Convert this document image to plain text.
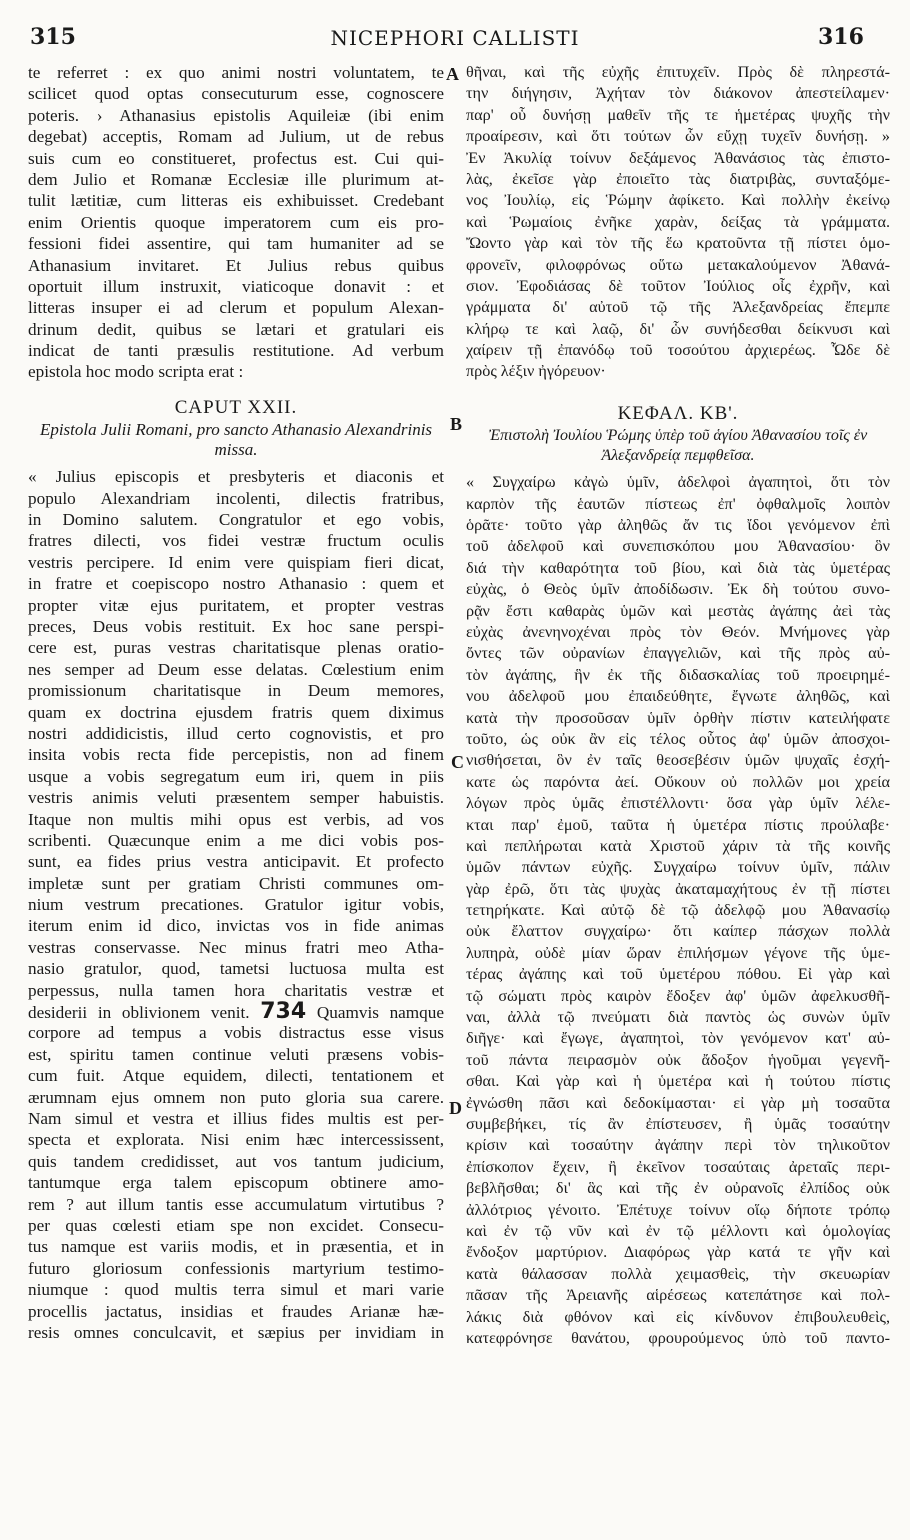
315	NICEPHORI CALLISTI	316
A
B
C
D
te referret : ex quo animi nostri voluntatem, te
scilicet quod optas consecuturum esse, cognoscere
poteris. › Athanasius epistolis Aquileiæ (ibi enim
degebat) acceptis, Romam ad Julium, ut de rebus
suis cum eo constitueret, profectus est. Cui qui-
dem Julio et Romanæ Ecclesiæ ille plurimum at-
tulit lætitiæ, cum litteras eis exhibuisset. Credebant
enim Orientis quoque imperatorem cum eis pro-
fessioni fidei assentire, qui tam humaniter ad se
Athanasium invitaret. Et Julius rebus quibus
oportuit illum instruxit, viaticoque donavit : et
litteras insuper ei ad clerum et populum Alexan-
drinum dedit, quibus se lætari et gratulari eis
indicat de tanti præsulis restitutione. Ad verbum
epistola hoc modo scripta erat :
CAPUT XXII.
Epistola Julii Romani, pro sancto Athanasio Alexandrinis missa.
« Julius episcopis et presbyteris et diaconis et
populo Alexandriam incolenti, dilectis fratribus,
in Domino salutem. Congratulor et ego vobis,
fratres dilecti, vos fidei vestræ fructum oculis
vestris percipere. Id enim vere quispiam fieri dicat,
in fratre et coepiscopo nostro Athanasio : quem et
propter vitæ ejus puritatem, et propter vestras
preces, Deus vobis restituit. Ex hoc sane perspi-
cere est, puras vestras charitatisque plenas oratio-
nes semper ad Deum esse delatas. Cœlestium enim
promissionum charitatisque in Deum memores,
quam ex doctrina ejusdem fratris quem diximus
nostri addidicistis, illud certo cognovistis, et pro
insita vobis recta fide percepistis, non ad finem
usque a vobis segregatum eum iri, quem in piis
vestris animis veluti præsentem semper habuistis.
Itaque non multis mihi opus est verbis, ad vos
scribenti. Quæcunque enim a me dici vobis pos-
sunt, ea fides prius vestra anticipavit. Et profecto
impletæ sunt per gratiam Christi communes om-
nium vestrum precationes. Gratulor igitur vobis,
iterum enim id dico, invictas vos in fide animas
vestras conservasse. Nec minus fratri meo Atha-
nasio gratulor, quod, tametsi luctuosa multa est
perpessus, nulla tamen hora charitatis vestræ et
desiderii in oblivionem venit. 734 Quamvis namque
corpore ad tempus a vobis distractus esse visus
est, spiritu tamen continue veluti præsens vobis-
cum fuit. Atque equidem, dilecti, tentationem et
ærumnam ejus omnem non puto gloria sua carere.
Nam simul et vestra et illius fides multis est per-
specta et explorata. Nisi enim hæc intercessissent,
quis tandem credidisset, aut vos tantum judicium,
tantumque erga talem episcopum obtinere amo-
rem ? aut illum tantis esse accumulatum virtutibus ?
per quas cœlesti etiam spe non excidet. Consecu-
tus namque est variis modis, et in præsentia, et in
futuro gloriosum confessionis martyrium testimo-
niumque : quod multis terra simul et mari varie
procellis jactatus, insidias et fraudes Arianæ hæ-
resis omnes conculcavit, et sæpius per invidiam in
θῆναι, καὶ τῆς εὐχῆς ἐπιτυχεῖν. Πρὸς δὲ πληρεστά-
την διήγησιν, Ἀχήταν τὸν διάκονον ἀπεστείλαμεν·
παρ' οὗ δυνήσῃ μαθεῖν τῆς τε ἡμετέρας ψυχῆς τὴν
προαίρεσιν, καὶ ὅτι τούτων ὧν εὔχῃ τυχεῖν δυνήσῃ. »
Ἐν Ἀκυλίᾳ τοίνυν δεξάμενος Ἀθανάσιος τὰς ἐπιστο-
λὰς, ἐκεῖσε γὰρ ἐποιεῖτο τὰς διατριβὰς, συνταξόμε-
νος Ἰουλίῳ, εἰς Ῥώμην ἀφίκετο. Καὶ πολλὴν ἐκείνῳ
καὶ Ῥωμαίοις ἐνῆκε χαρὰν, δείξας τὰ γράμματα.
Ὤοντο γὰρ καὶ τὸν τῆς ἕω κρατοῦντα τῇ πίστει ὁμο-
φρονεῖν, φιλοφρόνως οὕτω μετακαλούμενον Ἀθανά-
σιον. Ἐφοδιάσας δὲ τοῦτον Ἰούλιος οἷς ἐχρῆν, καὶ
γράμματα δι' αὐτοῦ τῷ τῆς Ἀλεξανδρείας ἔπεμπε
κλήρῳ τε καὶ λαῷ, δι' ὧν συνήδεσθαι δείκνυσι καὶ
χαίρειν τῇ ἐπανόδῳ τοῦ τοσούτου ἀρχιερέως. Ὧδε δὲ
πρὸς λέξιν ἠγόρευον·
ΚΕΦΑΛ. ΚΒ'.
Ἐπιστολὴ Ἰουλίου Ῥώμης ὑπὲρ τοῦ ἁγίου Ἀθανασίου τοῖς ἐν Ἀλεξανδρείᾳ πεμφθεῖσα.
« Συγχαίρω κἀγὼ ὑμῖν, ἀδελφοὶ ἀγαπητοὶ, ὅτι τὸν
καρπὸν τῆς ἑαυτῶν πίστεως ἐπ' ὀφθαλμοῖς λοιπὸν
ὁρᾶτε· τοῦτο γὰρ ἀληθῶς ἄν τις ἴδοι γενόμενον ἐπὶ
τοῦ ἀδελφοῦ καὶ συνεπισκόπου μου Ἀθανασίου· ὃν
διά τὴν καθαρότητα τοῦ βίου, καὶ διὰ τὰς ὑμετέρας
εὐχὰς, ὁ Θεὸς ὑμῖν ἀποδίδωσιν. Ἐκ δὴ τούτου συνο-
ρᾷν ἔστι καθαρὰς ὑμῶν καὶ μεστὰς ἀγάπης ἀεὶ τὰς
εὐχὰς ἀνενηνοχέναι πρὸς τὸν Θεόν. Μνήμονες γὰρ
ὄντες τῶν οὐρανίων ἐπαγγελιῶν, καὶ τῆς πρὸς αὐ-
τὸν ἀγάπης, ἣν ἐκ τῆς διδασκαλίας τοῦ προειρημέ-
νου ἀδελφοῦ μου ἐπαιδεύθητε, ἔγνωτε ἀληθῶς, καὶ
κατὰ τὴν προσοῦσαν ὑμῖν ὀρθὴν πίστιν κατειλήφατε
τοῦτο, ὡς οὐκ ἂν εἰς τέλος οὗτος ἀφ' ὑμῶν ἀποσχοι-
νισθήσεται, ὃν ἐν ταῖς θεοσεβέσιν ὑμῶν ψυχαῖς ἐσχή-
κατε ὡς παρόντα ἀεί. Οὔκουν οὐ πολλῶν μοι χρεία
λόγων πρὸς ὑμᾶς ἐπιστέλλοντι· ὅσα γὰρ ὑμῖν λέλε-
κται παρ' ἐμοῦ, ταῦτα ἡ ὑμετέρα πίστις προύλαβε·
καὶ πεπλήρωται κατὰ Χριστοῦ χάριν τὰ τῆς κοινῆς
ὑμῶν πάντων εὐχῆς. Συγχαίρω τοίνυν ὑμῖν, πάλιν
γὰρ ἐρῶ, ὅτι τὰς ψυχὰς ἀκαταμαχήτους ἐν τῇ πίστει
τετηρήκατε. Καὶ αὐτῷ δὲ τῷ ἀδελφῷ μου Ἀθανασίῳ
οὐκ ἔλαττον συγχαίρω· ὅτι καίπερ πάσχων πολλὰ
λυπηρὰ, οὐδὲ μίαν ὥραν ἐπιλήσμων γέγονε τῆς ὑμε-
τέρας ἀγάπης καὶ τοῦ ὑμετέρου πόθου. Εἰ γὰρ καὶ
τῷ σώματι πρὸς καιρὸν ἔδοξεν ἀφ' ὑμῶν ἀφελκυσθῆ-
ναι, ἀλλὰ τῷ πνεύματι διὰ παντὸς ὡς συνὼν ὑμῖν
διῆγε· καὶ ἔγωγε, ἀγαπητοὶ, τὸν γενόμενον κατ' αὐ-
τοῦ πάντα πειρασμὸν οὐκ ἄδοξον ἡγοῦμαι γεγενῆ-
σθαι. Καὶ γὰρ καὶ ἡ ὑμετέρα καὶ ἡ τούτου πίστις
ἐγνώσθη πᾶσι καὶ δεδοκίμασται· εἰ γὰρ μὴ τοσαῦτα
συμβεβήκει, τίς ἂν ἐπίστευσεν, ἢ ὑμᾶς τοσαύτην
κρίσιν καὶ τοσαύτην ἀγάπην περὶ τὸν τηλικοῦτον
ἐπίσκοπον ἔχειν, ἢ ἐκεῖνον τοσαύταις ἀρεταῖς περι-
βεβλῆσθαι; δι' ἃς καὶ τῆς ἐν οὐρανοῖς ἐλπίδος οὐκ
ἀλλότριος γένοιτο. Ἐπέτυχε τοίνυν οἵῳ δήποτε τρόπῳ
καὶ ἐν τῷ νῦν καὶ ἐν τῷ μέλλοντι καὶ ὁμολογίας
ἔνδοξον μαρτύριον. Διαφόρως γὰρ κατά τε γῆν καὶ
κατὰ θάλασσαν πολλὰ χειμασθεὶς, τὴν σκευωρίαν
πᾶσαν τῆς Ἀρειανῆς αἱρέσεως κατεπάτησε καὶ πολ-
λάκις διὰ φθόνον καὶ εἰς κίνδυνον ἐπιβουλευθεὶς,
κατεφρόνησε θανάτου, φρουρούμενος ὑπὸ τοῦ παντο-
